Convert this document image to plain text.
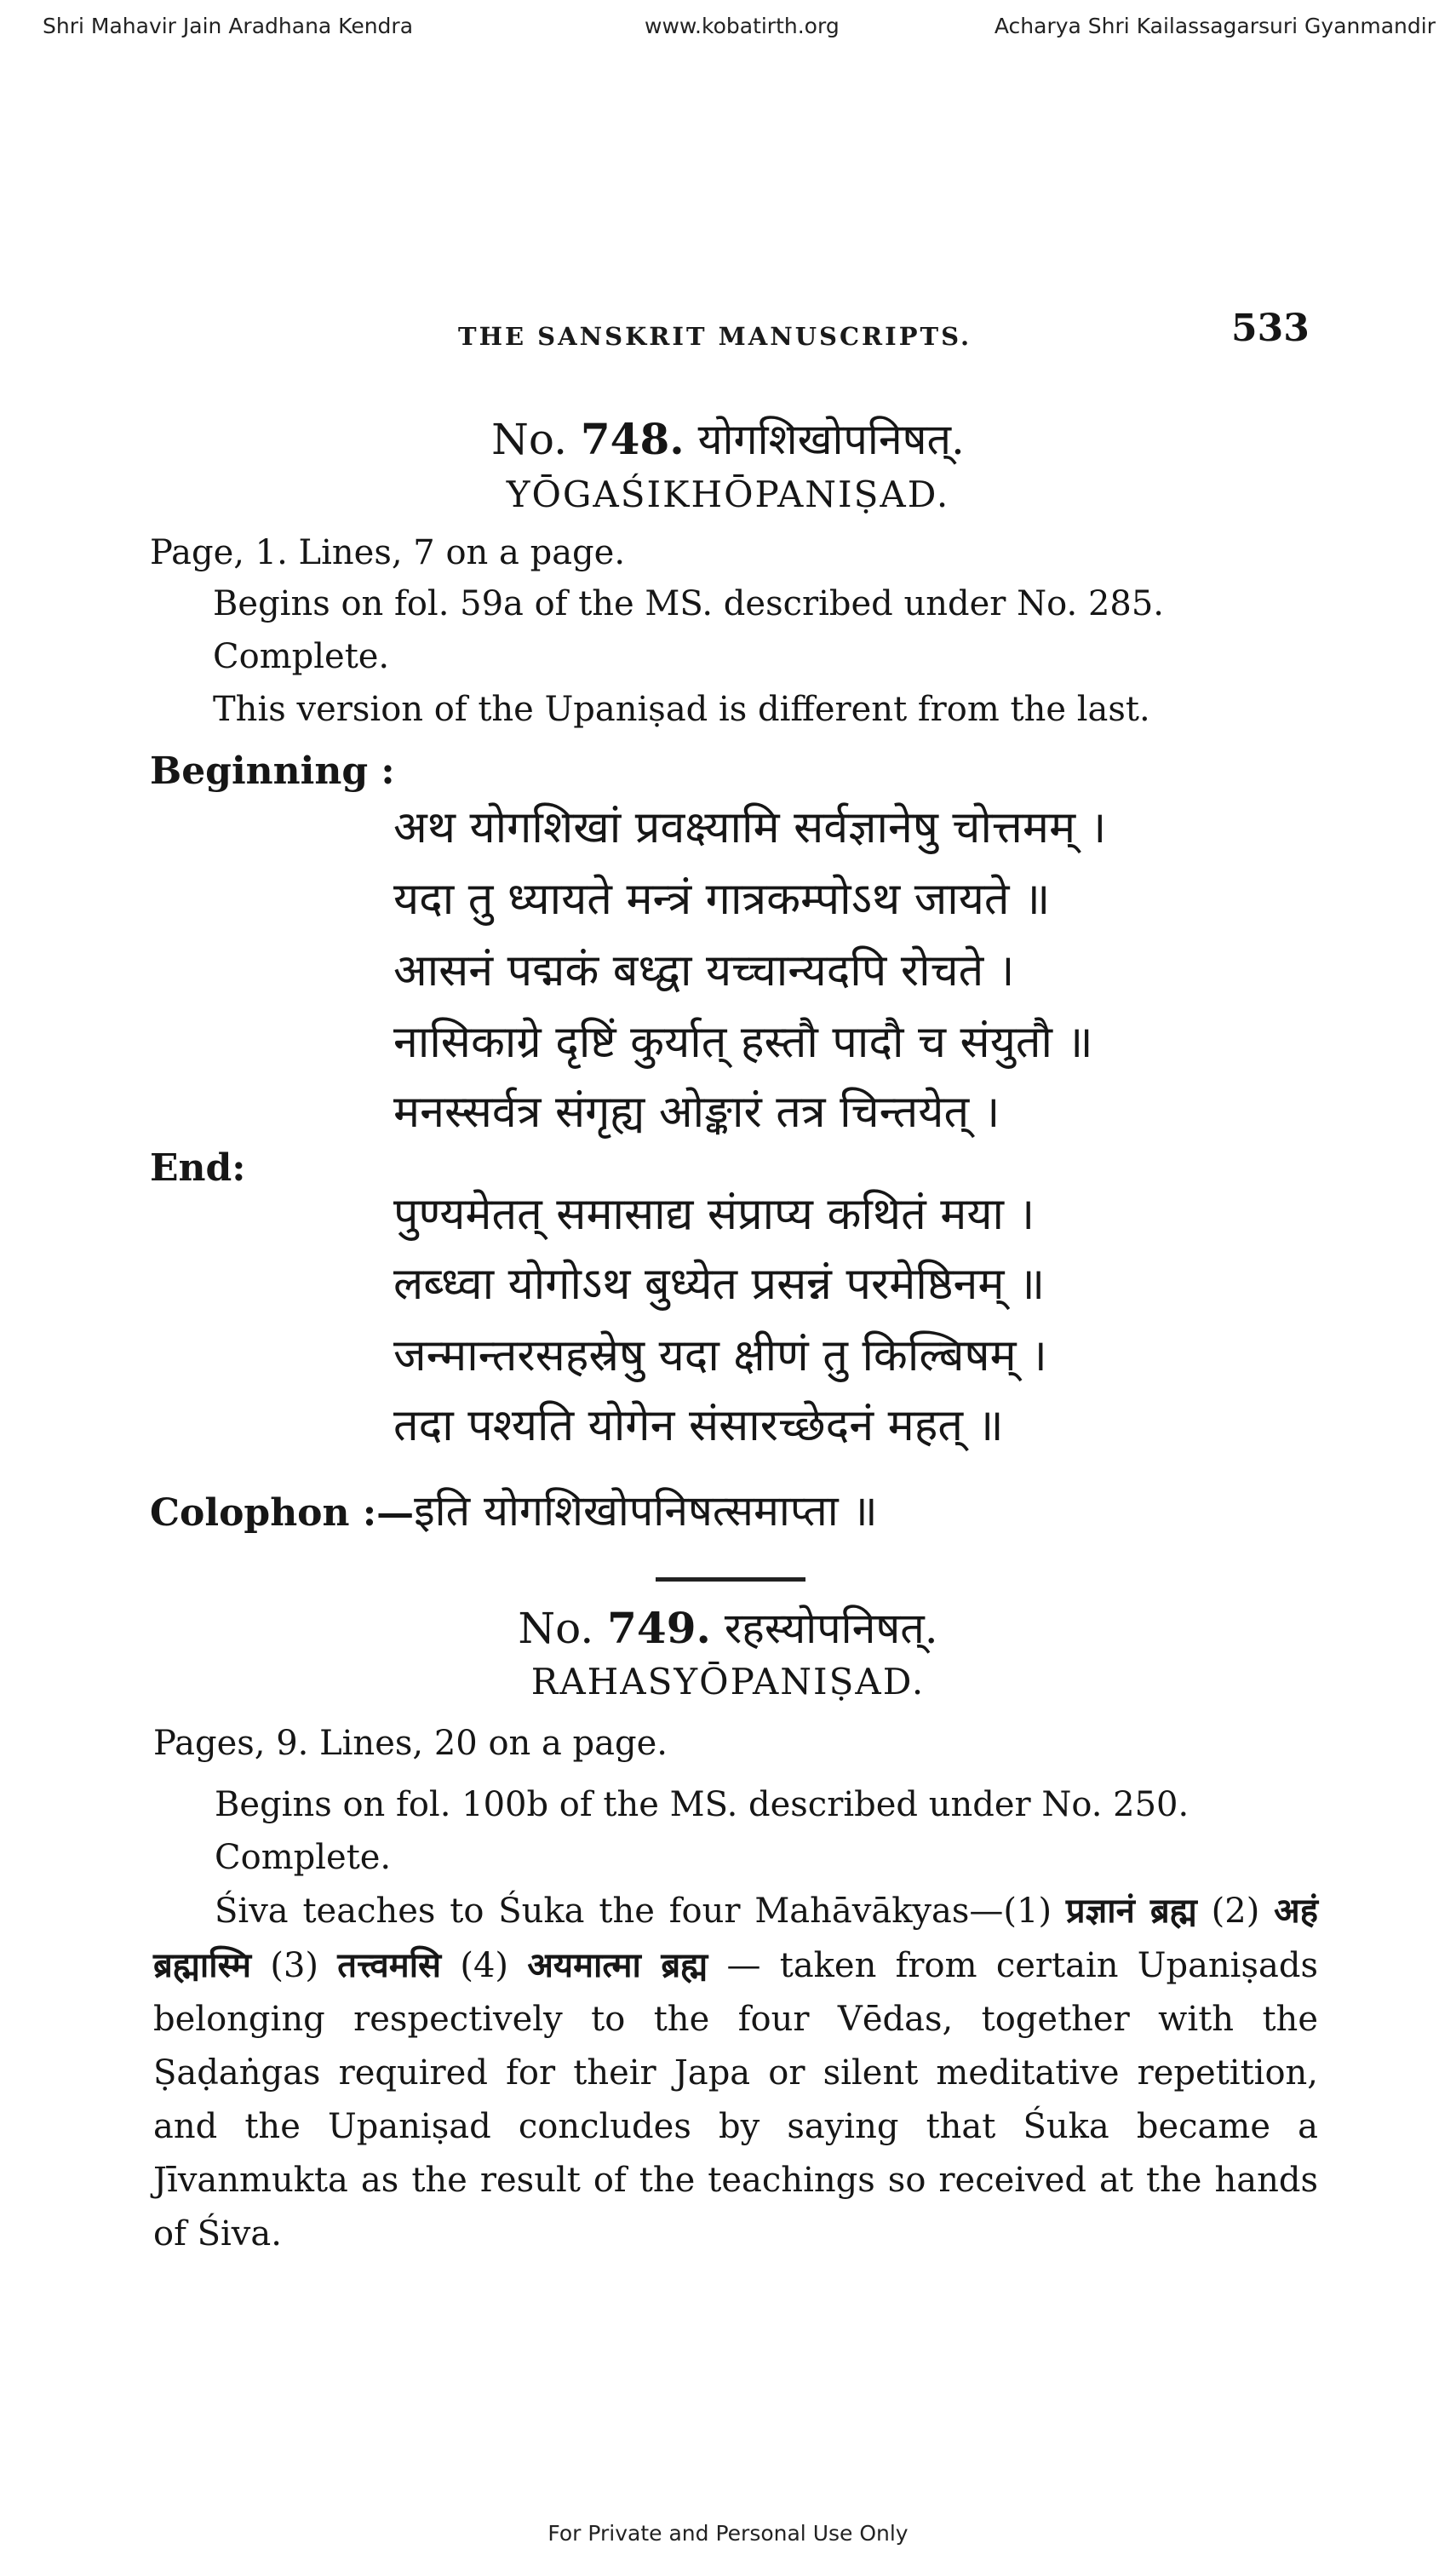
Shri Mahavir Jain Aradhana Kendra	www.kobatirth.org	Acharya Shri Kailassagarsuri Gyanmandir
THE SANSKRIT MANUSCRIPTS.	533
No. 748. योगशिखोपनिषत्.
YŌGAŚIKHŌPANIṢAD.
Page, 1. Lines, 7 on a page.
Begins on fol. 59a of the MS. described under No. 285.
Complete.
This version of the Upaniṣad is different from the last.
Beginning :
अथ योगशिखां प्रवक्ष्यामि सर्वज्ञानेषु चोत्तमम् ।
यदा तु ध्यायते मन्त्रं गात्रकम्पोऽथ जायते ॥
आसनं पद्मकं बध्द्वा यच्चान्यदपि रोचते ।
नासिकाग्रे दृष्टिं कुर्यात् हस्तौ पादौ च संयुतौ ॥
मनस्सर्वत्र संगृह्य ओङ्कारं तत्र चिन्तयेत् ।
End:
पुण्यमेतत् समासाद्य संप्राप्य कथितं मया ।
लब्ध्वा योगोऽथ बुध्येत प्रसन्नं परमेष्ठिनम् ॥
जन्मान्तरसहस्रेषु यदा क्षीणं तु किल्बिषम् ।
तदा पश्यति योगेन संसारच्छेदनं महत् ॥
Colophon :—इति योगशिखोपनिषत्समाप्ता ॥
No. 749. रहस्योपनिषत्.
RAHASYŌPANIṢAD.
Pages, 9. Lines, 20 on a page.
Begins on fol. 100b of the MS. described under No. 250.
Complete.
Śiva teaches to Śuka the four Mahāvākyas—(1) प्रज्ञानं ब्रह्म (2) अहं ब्रह्मास्मि (3) तत्त्वमसि (4) अयमात्मा ब्रह्म — taken from certain Upaniṣads belonging respectively to the four Vēdas, together with the Ṣaḍaṅgas required for their Japa or silent meditative repetition, and the Upaniṣad concludes by saying that Śuka became a Jīvanmukta as the result of the teachings so received at the hands of Śiva.
For Private and Personal Use Only
